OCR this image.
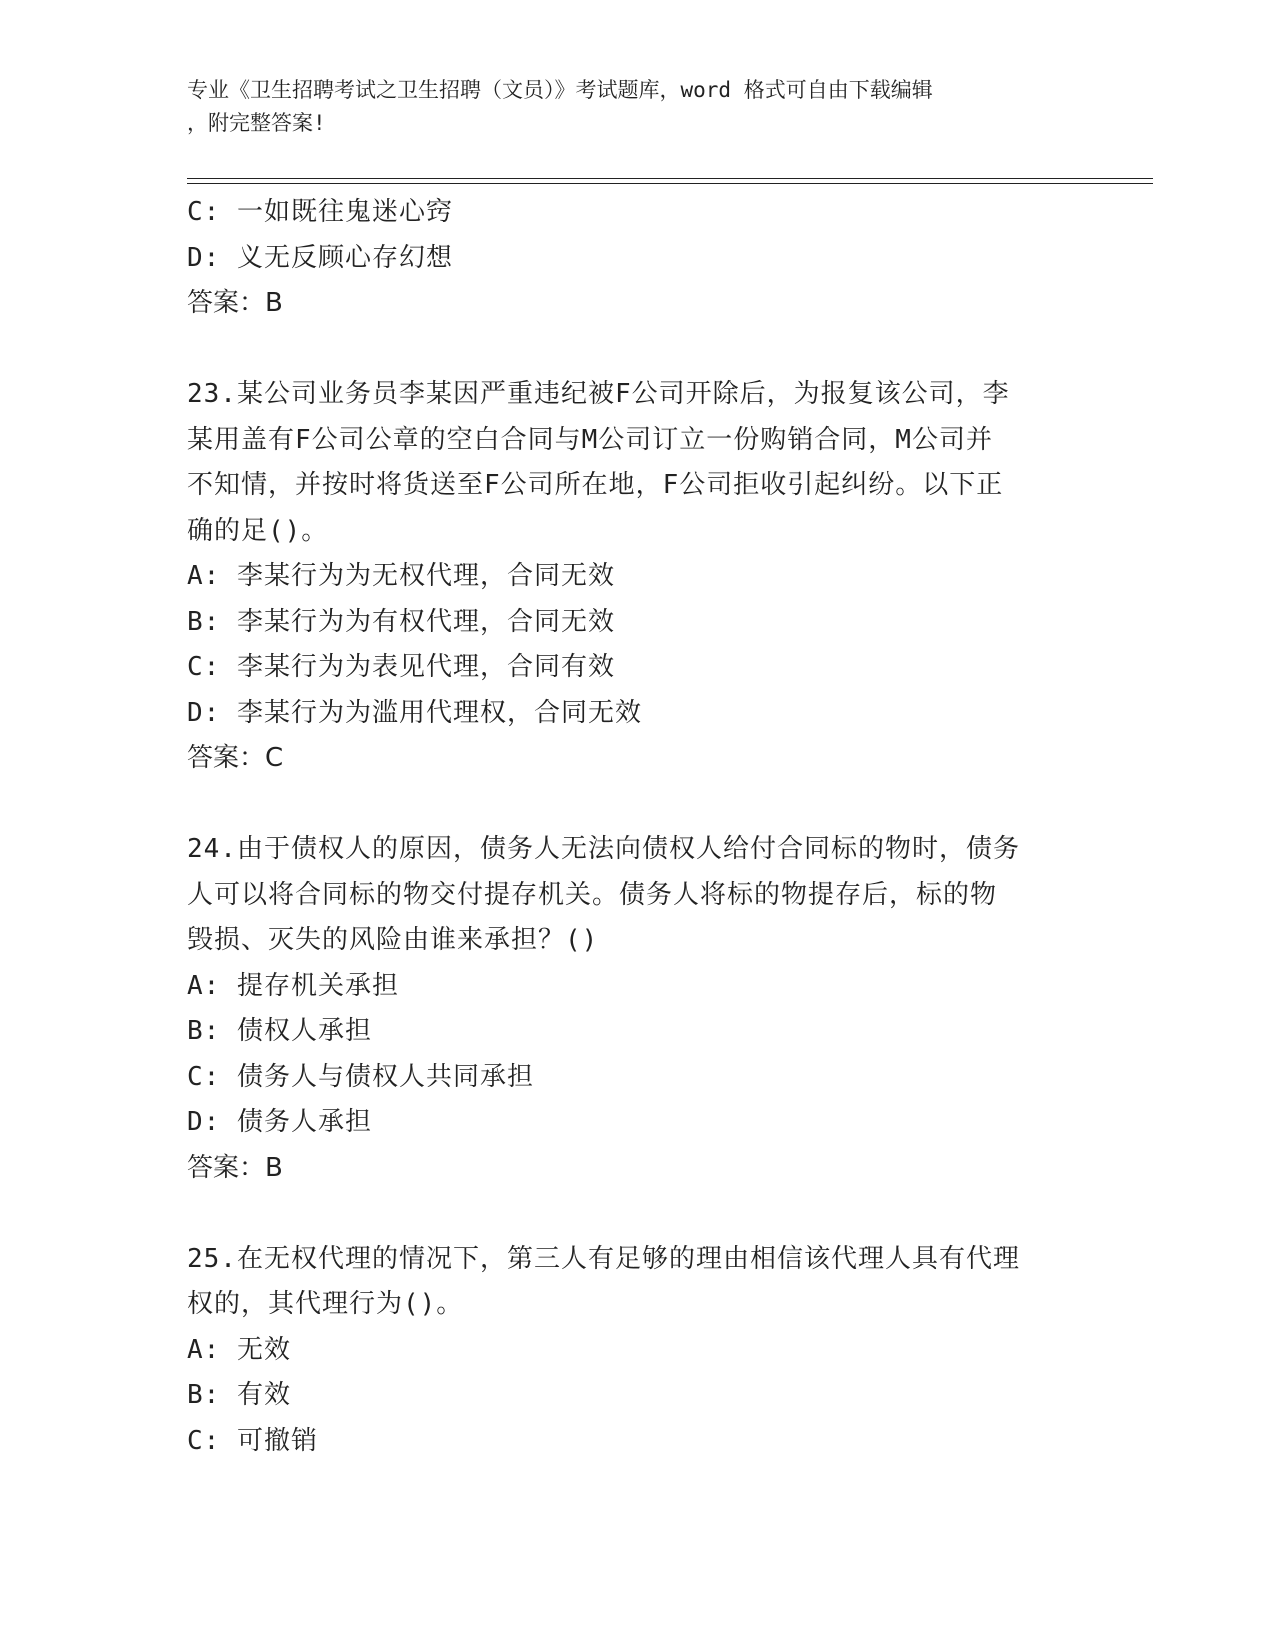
专业《卫生招聘考试之卫生招聘（文员）》考试题库，word 格式可自由下载编辑
，附完整答案!
C: 一如既往鬼迷心窍
D: 义无反顾心存幻想
答案：B
23.某公司业务员李某因严重违纪被F公司开除后，为报复该公司，李
某用盖有F公司公章的空白合同与M公司订立一份购销合同，M公司并
不知情，并按时将货送至F公司所在地，F公司拒收引起纠纷。以下正
确的足()。
A: 李某行为为无权代理，合同无效
B: 李某行为为有权代理，合同无效
C: 李某行为为表见代理，合同有效
D: 李某行为为滥用代理权，合同无效
答案：C
24.由于债权人的原因，债务人无法向债权人给付合同标的物时，债务
人可以将合同标的物交付提存机关。债务人将标的物提存后，标的物
毁损、灭失的风险由谁来承担？()
A: 提存机关承担
B: 债权人承担
C: 债务人与债权人共同承担
D: 债务人承担
答案：B
25.在无权代理的情况下，第三人有足够的理由相信该代理人具有代理
权的，其代理行为()。
A: 无效
B: 有效
C: 可撤销
